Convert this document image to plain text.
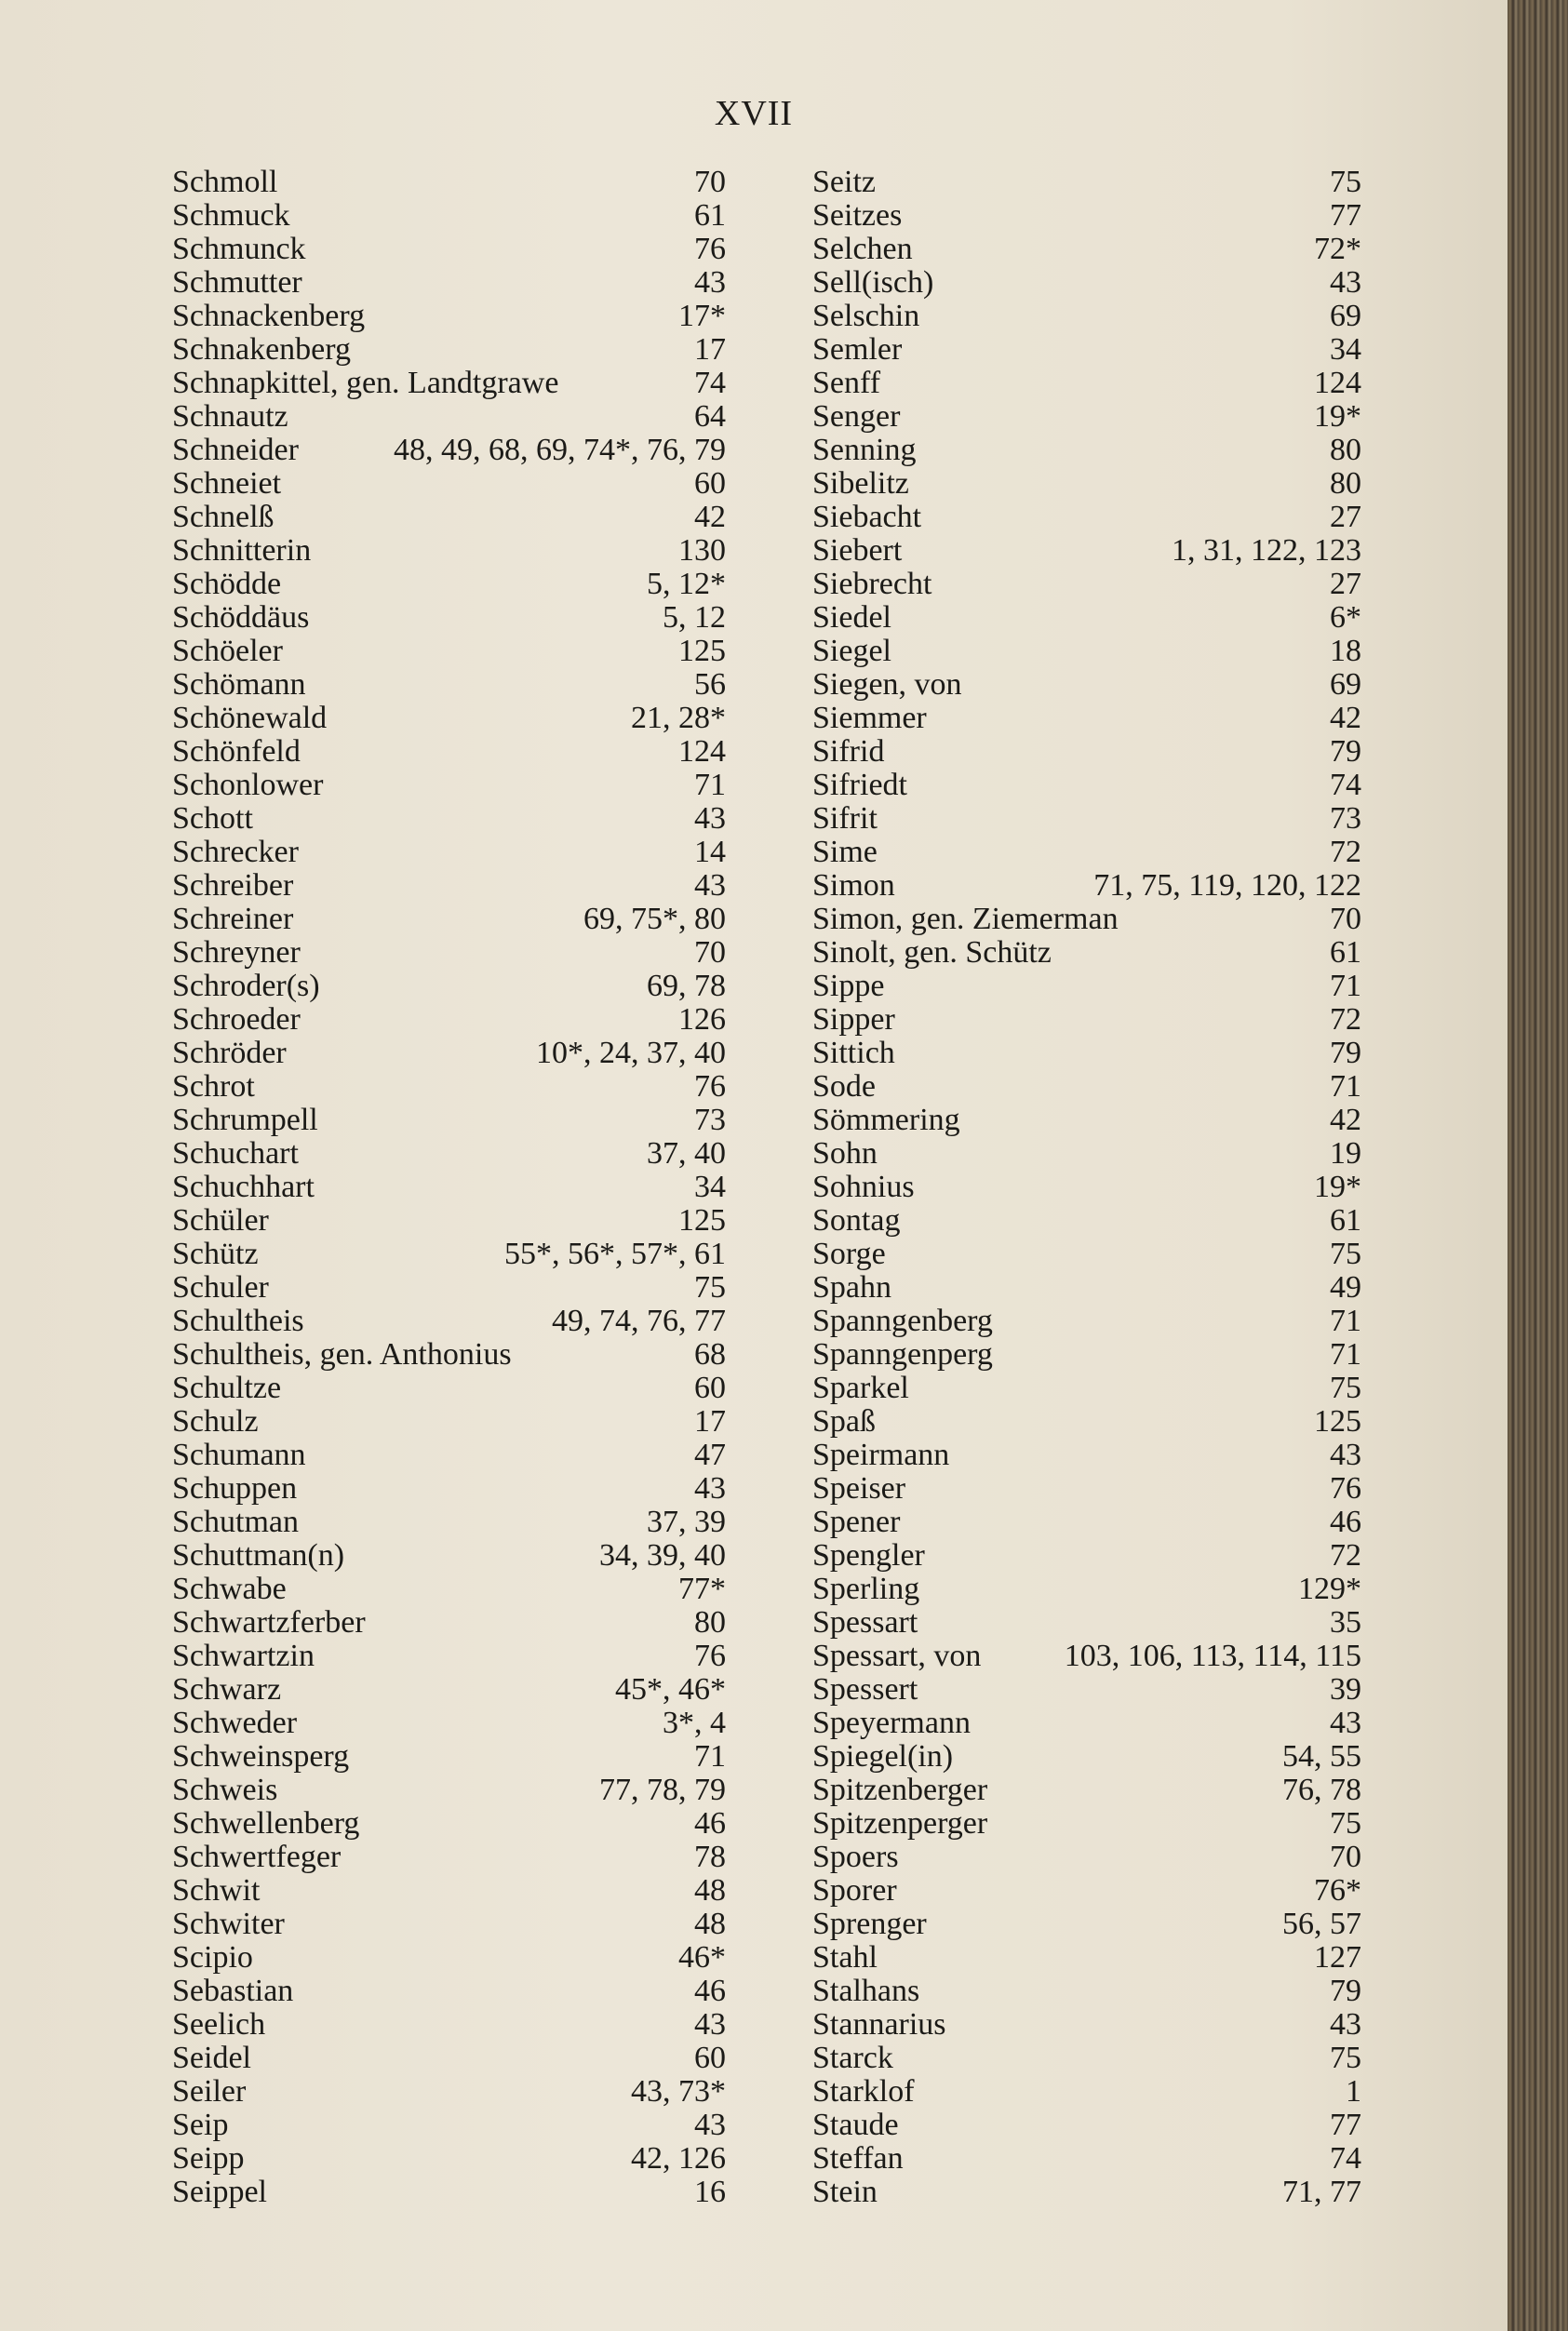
XVII
Schmoll	70
Schmuck	61
Schmunck	76
Schmutter	43
Schnackenberg	17*
Schnakenberg	17
Schnapkittel, gen. Landtgrawe	74
Schnautz	64
Schneider	48, 49, 68, 69, 74*, 76, 79
Schneiet	60
Schnelß	42
Schnitterin	130
Schödde	5, 12*
Schöddäus	5, 12
Schöeler	125
Schömann	56
Schönewald	21, 28*
Schönfeld	124
Schonlower	71
Schott	43
Schrecker	14
Schreiber	43
Schreiner	69, 75*, 80
Schreyner	70
Schroder(s)	69, 78
Schroeder	126
Schröder	10*, 24, 37, 40
Schrot	76
Schrumpell	73
Schuchart	37, 40
Schuchhart	34
Schüler	125
Schütz	55*, 56*, 57*, 61
Schuler	75
Schultheis	49, 74, 76, 77
Schultheis, gen. Anthonius	68
Schultze	60
Schulz	17
Schumann	47
Schuppen	43
Schutman	37, 39
Schuttman(n)	34, 39, 40
Schwabe	77*
Schwartzferber	80
Schwartzin	76
Schwarz	45*, 46*
Schweder	3*, 4
Schweinsperg	71
Schweis	77, 78, 79
Schwellenberg	46
Schwertfeger	78
Schwit	48
Schwiter	48
Scipio	46*
Sebastian	46
Seelich	43
Seidel	60
Seiler	43, 73*
Seip	43
Seipp	42, 126
Seippel	16
Seitz	75
Seitzes	77
Selchen	72*
Sell(isch)	43
Selschin	69
Semler	34
Senff	124
Senger	19*
Senning	80
Sibelitz	80
Siebacht	27
Siebert	1, 31, 122, 123
Siebrecht	27
Siedel	6*
Siegel	18
Siegen, von	69
Siemmer	42
Sifrid	79
Sifriedt	74
Sifrit	73
Sime	72
Simon	71, 75, 119, 120, 122
Simon, gen. Ziemerman	70
Sinolt, gen. Schütz	61
Sippe	71
Sipper	72
Sittich	79
Sode	71
Sömmering	42
Sohn	19
Sohnius	19*
Sontag	61
Sorge	75
Spahn	49
Spanngenberg	71
Spanngenperg	71
Sparkel	75
Spaß	125
Speirmann	43
Speiser	76
Spener	46
Spengler	72
Sperling	129*
Spessart	35
Spessart, von	103, 106, 113, 114, 115
Spessert	39
Speyermann	43
Spiegel(in)	54, 55
Spitzenberger	76, 78
Spitzenperger	75
Spoers	70
Sporer	76*
Sprenger	56, 57
Stahl	127
Stalhans	79
Stannarius	43
Starck	75
Starklof	1
Staude	77
Steffan	74
Stein	71, 77
